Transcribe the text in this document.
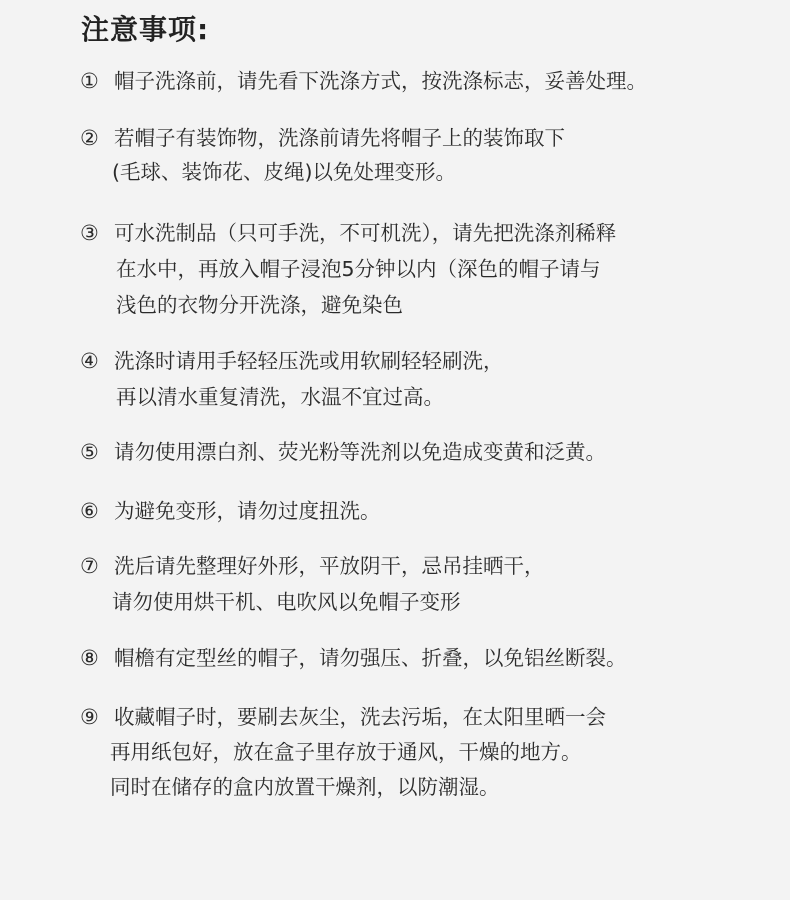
注意事项:
① 帽子洗涤前，请先看下洗涤方式，按洗涤标志，妥善处理。
② 若帽子有装饰物，洗涤前请先将帽子上的装饰取下
(毛球、装饰花、皮绳)以免处理变形。
③ 可水洗制品（只可手洗，不可机洗），请先把洗涤剂稀释
在水中，再放入帽子浸泡5分钟以内（深色的帽子请与
浅色的衣物分开洗涤，避免染色
④ 洗涤时请用手轻轻压洗或用软刷轻轻刷洗，
再以清水重复清洗，水温不宜过高。
⑤ 请勿使用漂白剂、荧光粉等洗剂以免造成变黄和泛黄。
⑥ 为避免变形，请勿过度扭洗。
⑦ 洗后请先整理好外形，平放阴干，忌吊挂晒干，
请勿使用烘干机、电吹风以免帽子变形
⑧ 帽檐有定型丝的帽子，请勿强压、折叠，以免铝丝断裂。
⑨ 收藏帽子时，要刷去灰尘，洗去污垢，在太阳里晒一会
再用纸包好，放在盒子里存放于通风，干燥的地方。
同时在储存的盒内放置干燥剂，以防潮湿。
